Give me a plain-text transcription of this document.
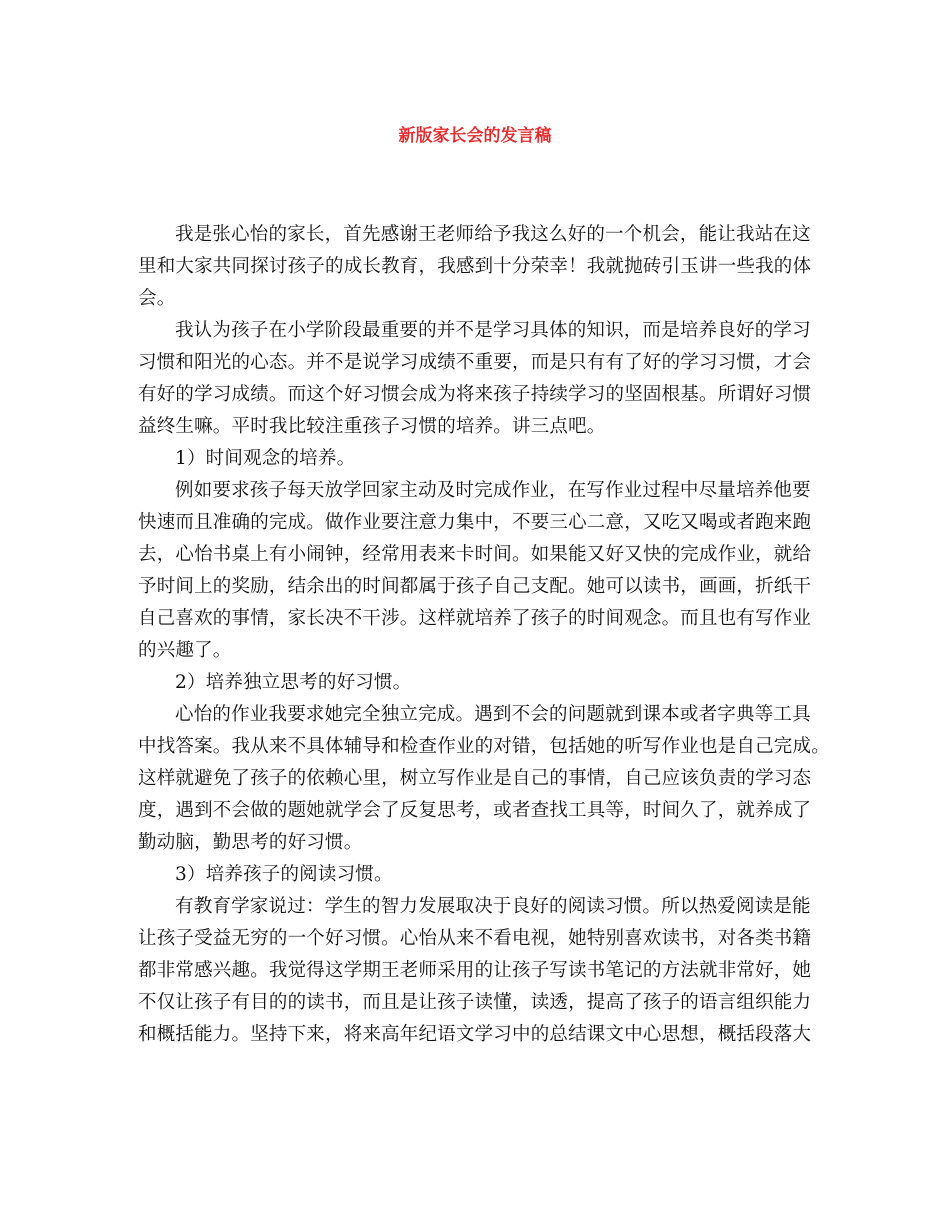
新版家长会的发言稿
我是张心怡的家长，首先感谢王老师给予我这么好的一个机会，能让我站在这
里和大家共同探讨孩子的成长教育，我感到十分荣幸！我就抛砖引玉讲一些我的体
会。
我认为孩子在小学阶段最重要的并不是学习具体的知识，而是培养良好的学习
习惯和阳光的心态。并不是说学习成绩不重要，而是只有有了好的学习习惯，才会
有好的学习成绩。而这个好习惯会成为将来孩子持续学习的坚固根基。所谓好习惯
益终生嘛。平时我比较注重孩子习惯的培养。讲三点吧。
1）时间观念的培养。
例如要求孩子每天放学回家主动及时完成作业，在写作业过程中尽量培养他要
快速而且准确的完成。做作业要注意力集中，不要三心二意，又吃又喝或者跑来跑
去，心怡书桌上有小闹钟，经常用表来卡时间。如果能又好又快的完成作业，就给
予时间上的奖励，结余出的时间都属于孩子自己支配。她可以读书，画画，折纸干
自己喜欢的事情，家长决不干涉。这样就培养了孩子的时间观念。而且也有写作业
的兴趣了。
2）培养独立思考的好习惯。
心怡的作业我要求她完全独立完成。遇到不会的问题就到课本或者字典等工具
中找答案。我从来不具体辅导和检查作业的对错，包括她的听写作业也是自己完成。
这样就避免了孩子的依赖心里，树立写作业是自己的事情，自己应该负责的学习态
度，遇到不会做的题她就学会了反复思考，或者查找工具等，时间久了，就养成了
勤动脑，勤思考的好习惯。
3）培养孩子的阅读习惯。
有教育学家说过：学生的智力发展取决于良好的阅读习惯。所以热爱阅读是能
让孩子受益无穷的一个好习惯。心怡从来不看电视，她特别喜欢读书，对各类书籍
都非常感兴趣。我觉得这学期王老师采用的让孩子写读书笔记的方法就非常好，她
不仅让孩子有目的的读书，而且是让孩子读懂，读透，提高了孩子的语言组织能力
和概括能力。坚持下来，将来高年纪语文学习中的总结课文中心思想，概括段落大
